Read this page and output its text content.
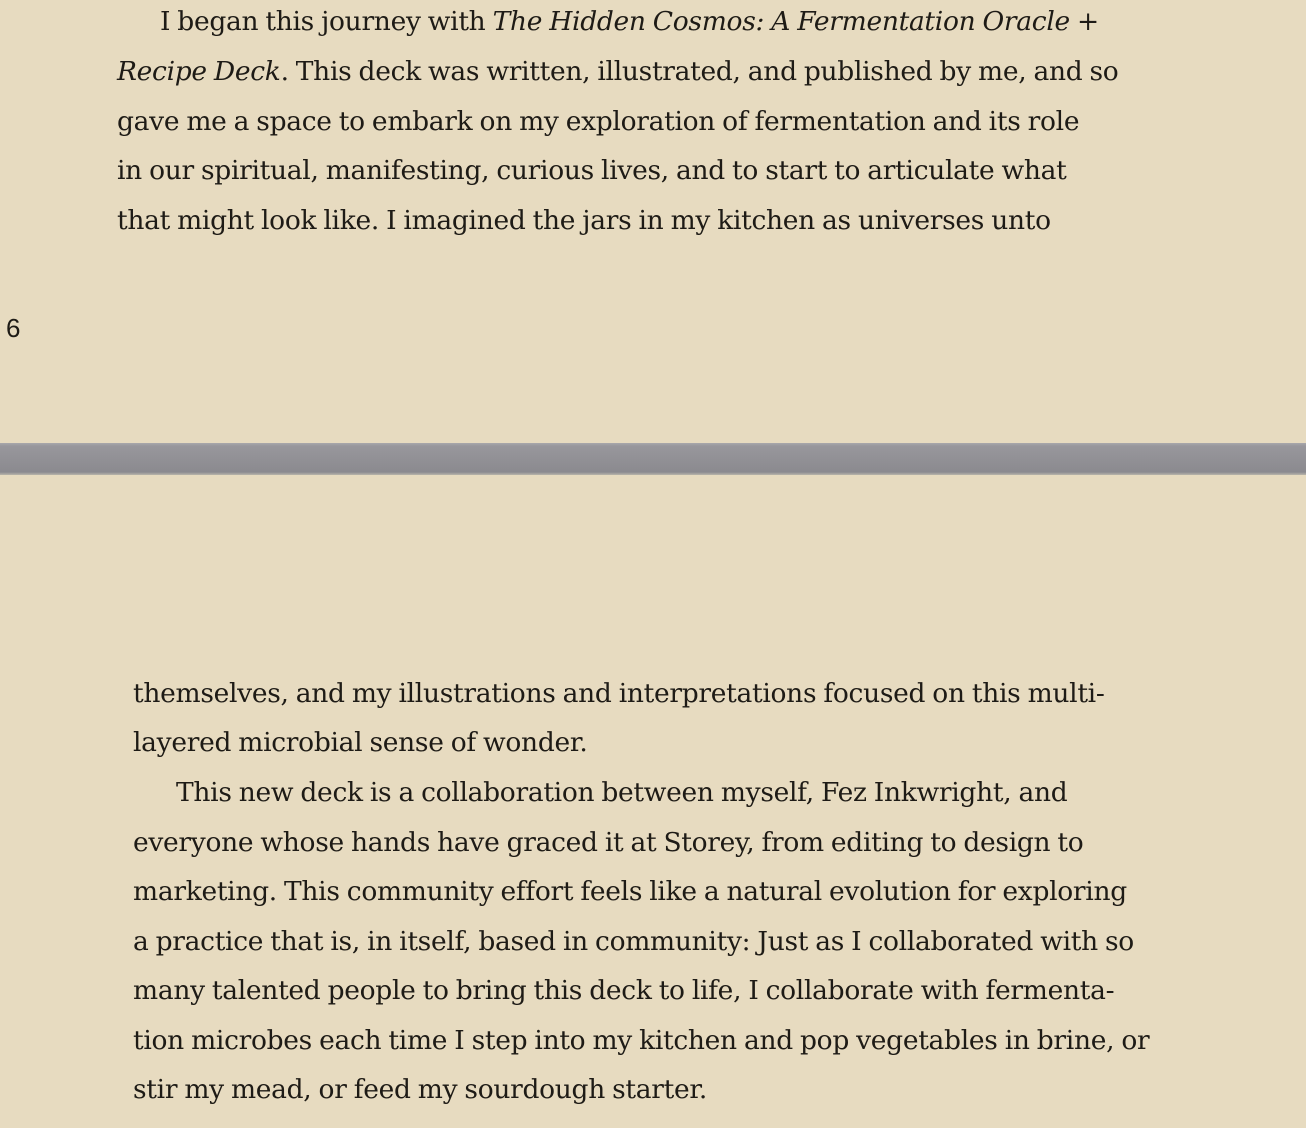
I began this journey with The Hidden Cosmos: A Fermentation Oracle +
Recipe Deck. This deck was written, illustrated, and published by me, and so
gave me a space to embark on my exploration of fermentation and its role
in our spiritual, manifesting, curious lives, and to start to articulate what
that might look like. I imagined the jars in my kitchen as universes unto
6
themselves, and my illustrations and interpretations focused on this multi-
layered microbial sense of wonder.
This new deck is a collaboration between myself, Fez Inkwright, and
everyone whose hands have graced it at Storey, from editing to design to
marketing. This community effort feels like a natural evolution for exploring
a practice that is, in itself, based in community: Just as I collaborated with so
many talented people to bring this deck to life, I collaborate with fermenta-
tion microbes each time I step into my kitchen and pop vegetables in brine, or
stir my mead, or feed my sourdough starter.
